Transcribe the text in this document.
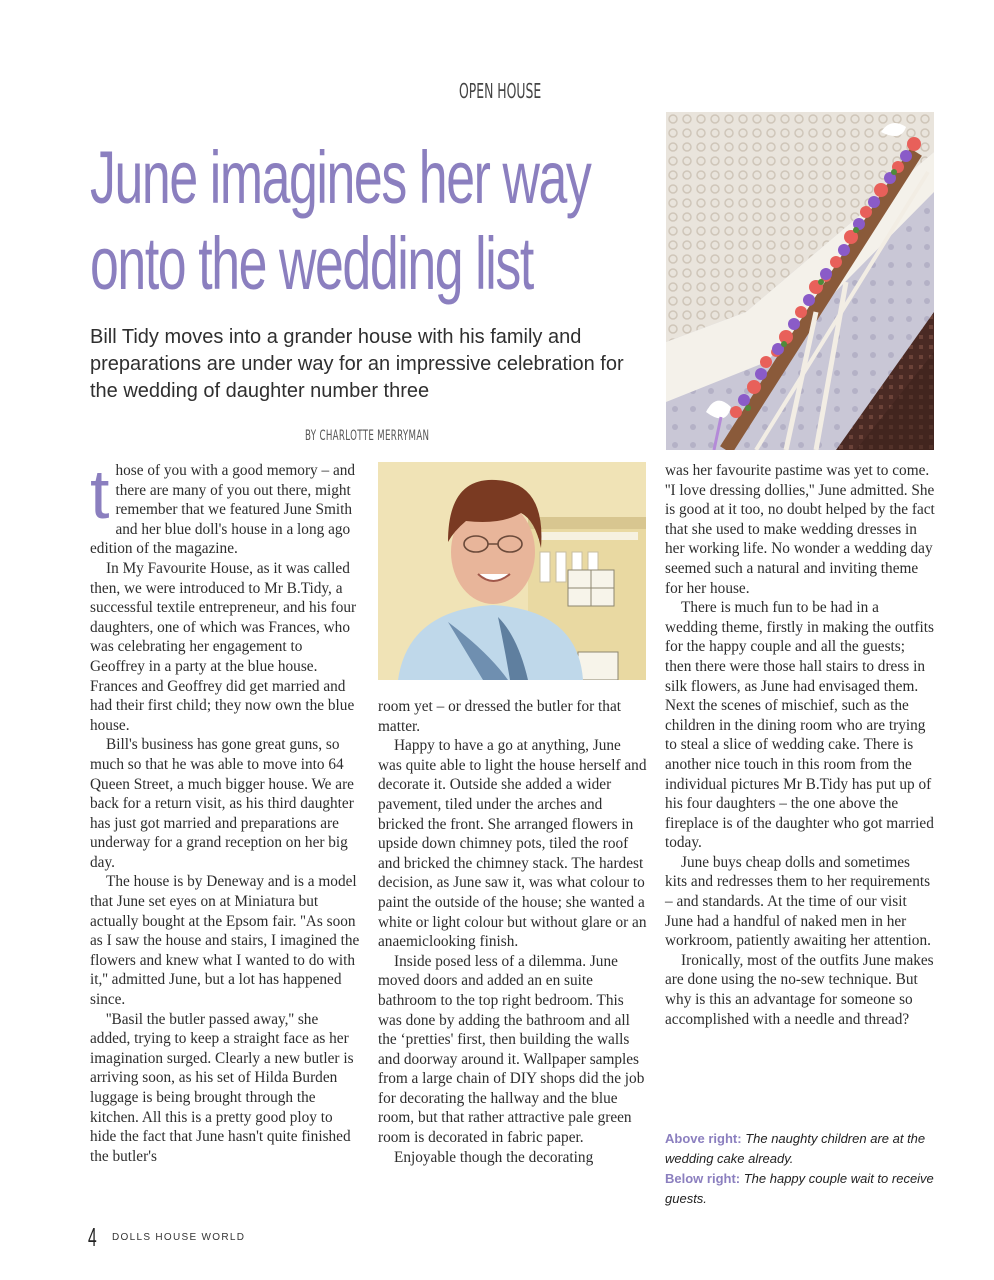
OPEN HOUSE
June imagines her way
onto the wedding list
Bill Tidy moves into a grander house with his family and preparations are under way for an impressive celebration for the wedding of daughter number three
BY CHARLOTTE MERRYMAN

those of you with a good memory – and there are many of you out there, might remember that we featured June Smith and her blue doll's house in a long ago edition of the magazine.

In My Favourite House, as it was called then, we were introduced to Mr B.Tidy, a successful textile entrepreneur, and his four daughters, one of which was Frances, who was celebrating her engagement to Geoffrey in a party at the blue house. Frances and Geoffrey did get married and had their first child; they now own the blue house.

Bill's business has gone great guns, so much so that he was able to move into 64 Queen Street, a much bigger house. We are back for a return visit, as his third daughter has just got married and preparations are underway for a grand reception on her big day.

The house is by Deneway and is a model that June set eyes on at Miniatura but actually bought at the Epsom fair. ''As soon as I saw the house and stairs, I imagined the flowers and knew what I wanted to do with it,'' admitted June, but a lot has happened since.

''Basil the butler passed away,'' she added, trying to keep a straight face as her imagination surged. Clearly a new butler is arriving soon, as his set of Hilda Burden luggage is being brought through the kitchen. All this is a pretty good ploy to hide the fact that June hasn't quite finished the butler's

room yet – or dressed the butler for that matter.

Happy to have a go at anything, June was quite able to light the house herself and decorate it. Outside she added a wider pavement, tiled under the arches and bricked the front. She arranged flowers in upside down chimney pots, tiled the roof and bricked the chimney stack. The hardest decision, as June saw it, was what colour to paint the outside of the house; she wanted a white or light colour but without glare or an anaemiclooking finish.

Inside posed less of a dilemma. June moved doors and added an en suite bathroom to the top right bedroom. This was done by adding the bathroom and all the ‘pretties' first, then building the walls and doorway around it. Wallpaper samples from a large chain of DIY shops did the job for decorating the hallway and the blue room, but that rather attractive pale green room is decorated in fabric paper.

Enjoyable though the decorating

was her favourite pastime was yet to come. ''I love dressing dollies,'' June admitted. She is good at it too, no doubt helped by the fact that she used to make wedding dresses in her working life. No wonder a wedding day seemed such a natural and inviting theme for her house.

There is much fun to be had in a wedding theme, firstly in making the outfits for the happy couple and all the guests; then there were those hall stairs to dress in silk flowers, as June had envisaged them. Next the scenes of mischief, such as the children in the dining room who are trying to steal a slice of wedding cake. There is another nice touch in this room from the individual pictures Mr B.Tidy has put up of his four daughters – the one above the fireplace is of the daughter who got married today.

June buys cheap dolls and sometimes kits and redresses them to her requirements – and standards. At the time of our visit June had a handful of naked men in her workroom, patiently awaiting her attention.

Ironically, most of the outfits June makes are done using the no-sew technique. But why is this an advantage for someone so accomplished with a needle and thread?

Above right: The naughty children are at the wedding cake already.
Below right: The happy couple wait to receive guests.
4 DOLLS HOUSE WORLD
